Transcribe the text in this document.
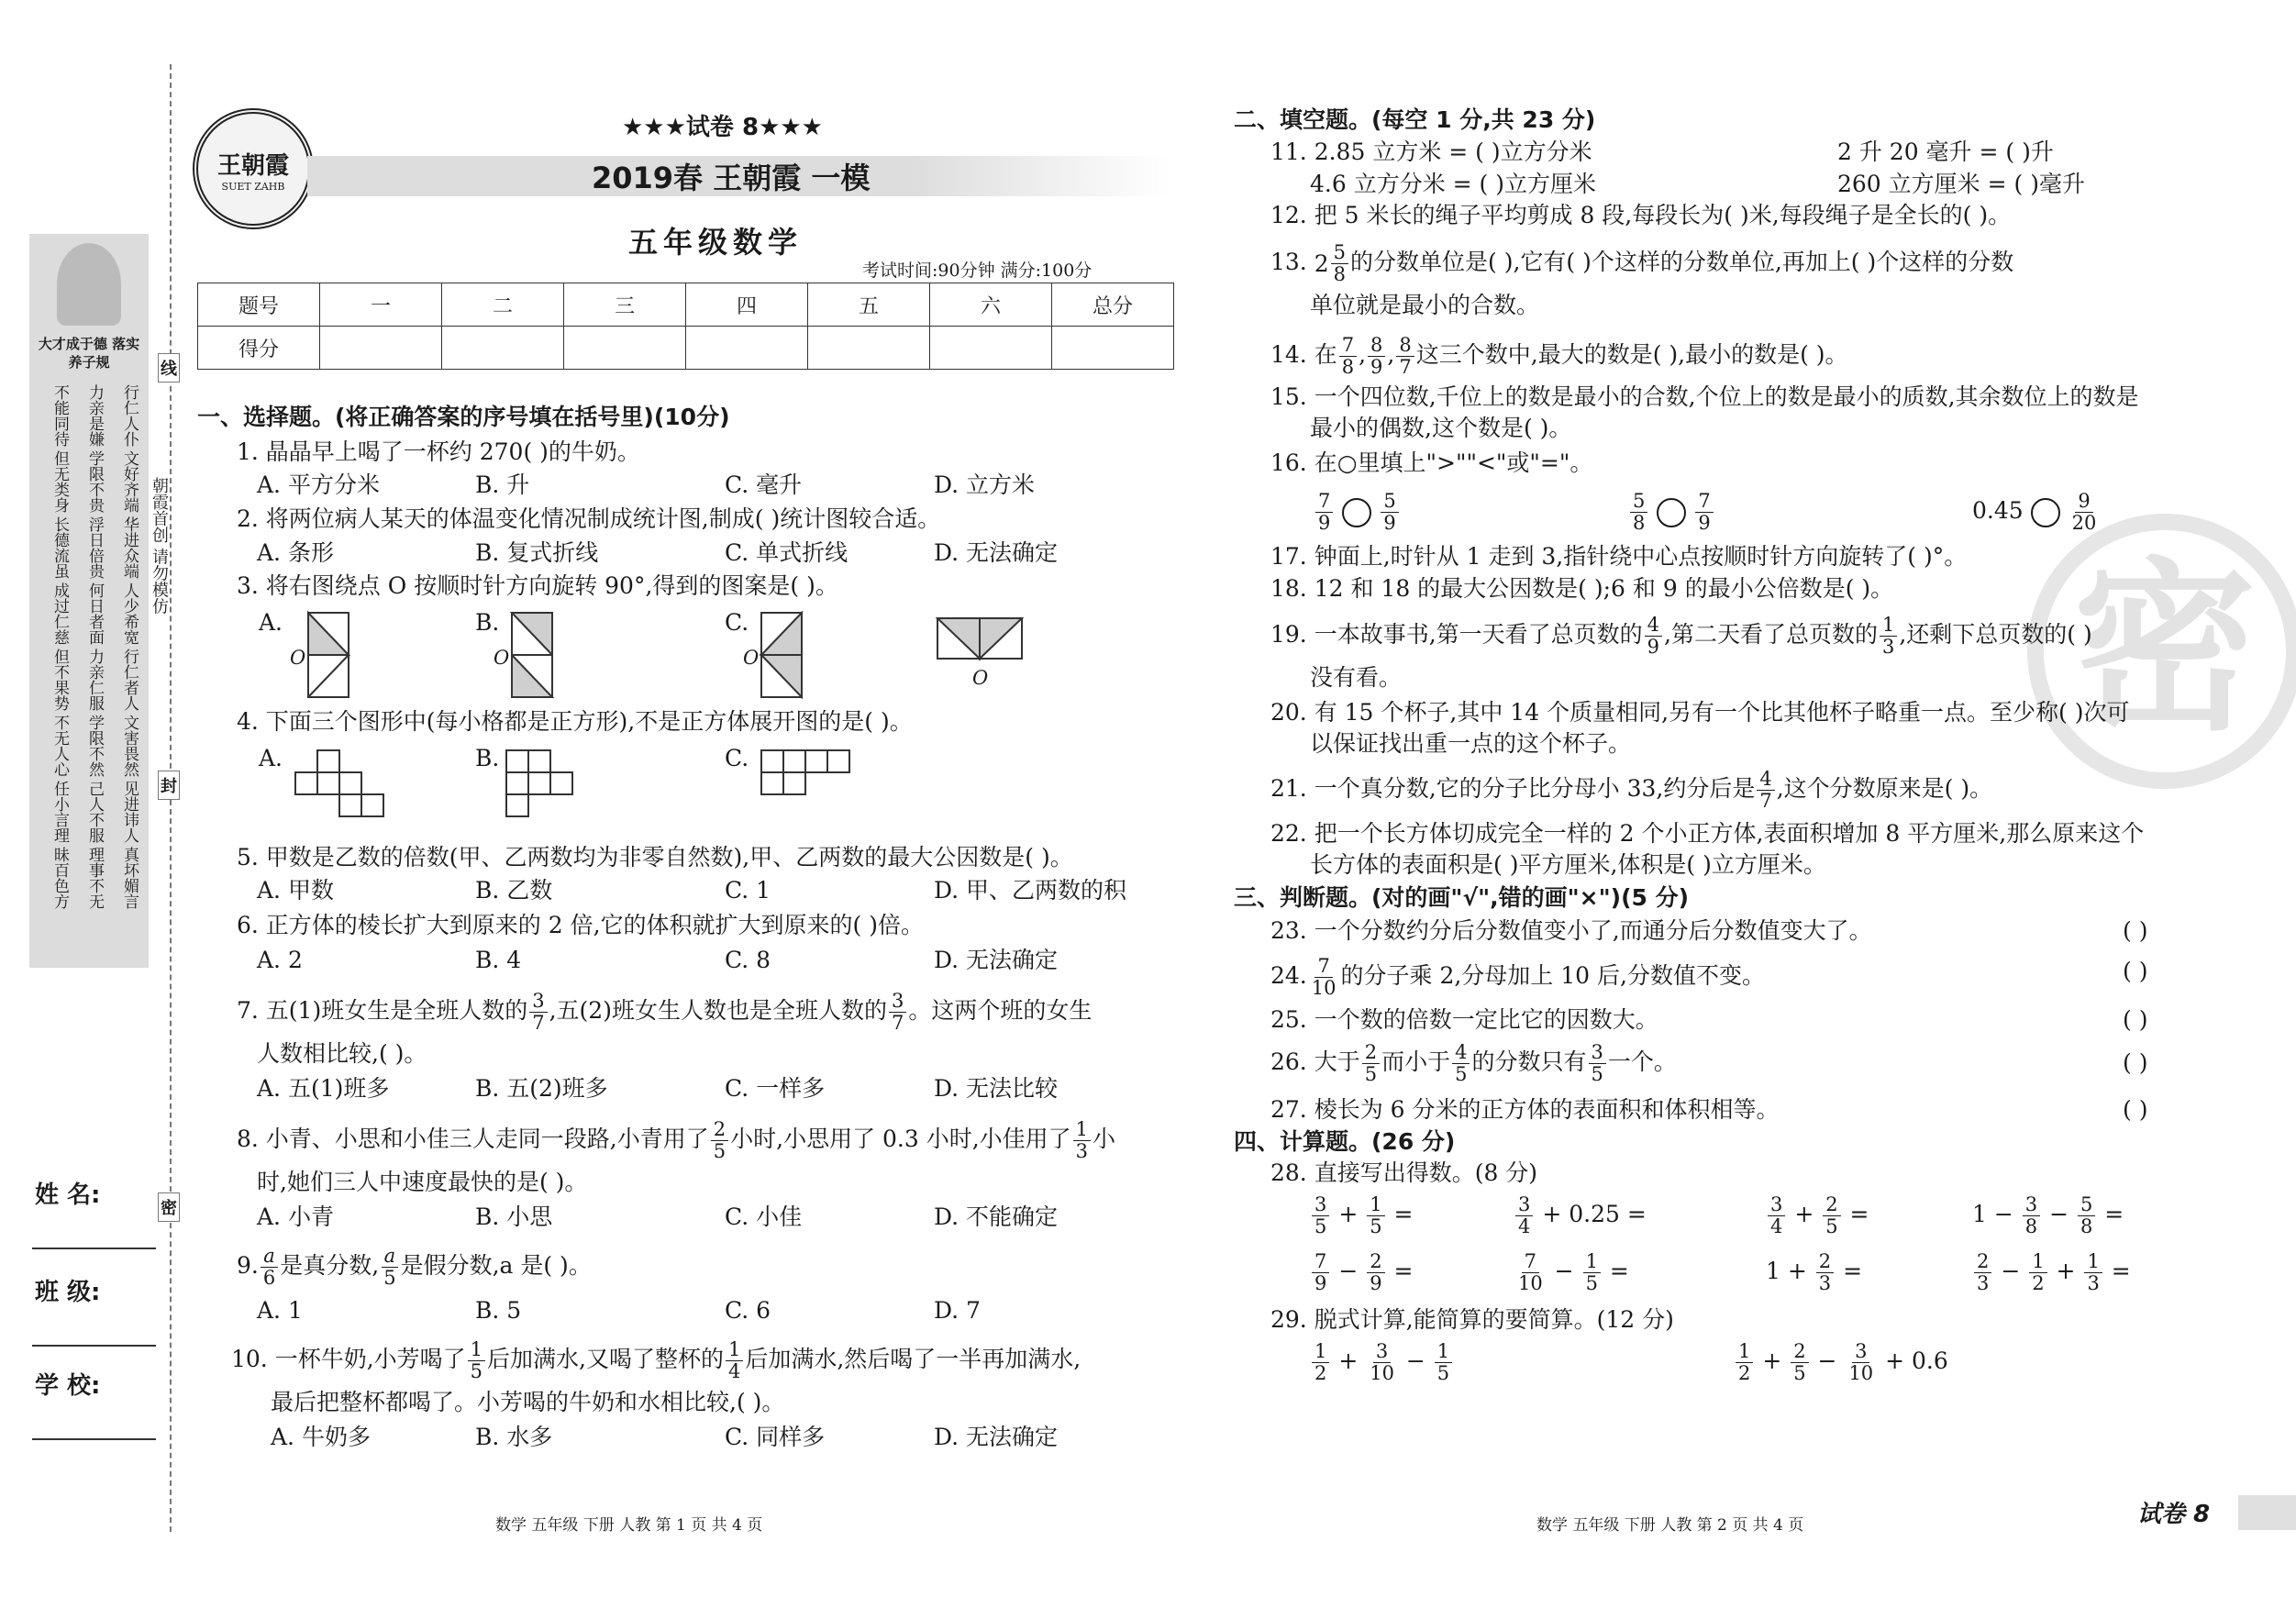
大才成于德 落实养子规
不能同待	力亲是嫌	行仁人仆
但无类身	学限不贵	文好齐端
长德流虽	浮日倍贵	华进众端
成过仁慈	何日者面	人少希宽
但不果势	力亲仁服	行仁者人
不无人心	学限不然	文害畏然
任小言理	己人不服	见进讳人
昧百色方	理事不无	真坏媚言
朝霞首创 请勿模仿
线
封
密
姓 名:
班 级:
学 校:
王朝霞
SUET ZAHB
★★★试卷 8★★★
2019春 王朝霞 一模
五年级数学
考试时间:90分钟 满分:100分
题号	一	二	三	四	五	六	总分
得分							
一、选择题。(将正确答案的序号填在括号里)(10分)
1. 晶晶早上喝了一杯约 270( )的牛奶。
A. 平方分米	B. 升	C. 毫升	D. 立方米
2. 将两位病人某天的体温变化情况制成统计图,制成( )统计图较合适。
A. 条形	B. 复式折线	C. 单式折线	D. 无法确定
3. 将右图绕点 O 按顺时针方向旋转 90°,得到的图案是( )。
A.	B.	C.
O	O	O
O
4. 下面三个图形中(每小格都是正方形),不是正方体展开图的是( )。
A.	B.	C.
5. 甲数是乙数的倍数(甲、乙两数均为非零自然数),甲、乙两数的最大公因数是( )。
A. 甲数	B. 乙数	C. 1	D. 甲、乙两数的积
6. 正方体的棱长扩大到原来的 2 倍,它的体积就扩大到原来的( )倍。
A. 2	B. 4	C. 8	D. 无法确定
7. 五(1)班女生是全班人数的 $\frac{3}{7}$ ,五(2)班女生人数也是全班人数的 $\frac{3}{7}$ 。这两个班的女生
人数相比较,( )。
A. 五(1)班多	B. 五(2)班多	C. 一样多	D. 无法比较
8. 小青、小思和小佳三人走同一段路,小青用了 $\frac{2}{5}$ 小时,小思用了 0.3 小时,小佳用了 $\frac{1}{3}$ 小
时,她们三人中速度最快的是( )。
A. 小青	B. 小思	C. 小佳	D. 不能确定
9. $\frac{a}{6}$ 是真分数, $\frac{a}{5}$ 是假分数,a 是( )。
A. 1	B. 5	C. 6	D. 7
10. 一杯牛奶,小芳喝了 $\frac{1}{5}$ 后加满水,又喝了整杯的 $\frac{1}{4}$ 后加满水,然后喝了一半再加满水,
最后把整杯都喝了。小芳喝的牛奶和水相比较,( )。
A. 牛奶多	B. 水多	C. 同样多	D. 无法确定
数学 五年级 下册 人教 第 1 页 共 4 页
密
二、填空题。(每空 1 分,共 23 分)
11. 2.85 立方米 = ( )立方分米	2 升 20 毫升 = ( )升
4.6 立方分米 = ( )立方厘米	260 立方厘米 = ( )毫升
12. 把 5 米长的绳子平均剪成 8 段,每段长为( )米,每段绳子是全长的( )。
13. 2 5
8 的分数单位是( ),它有( )个这样的分数单位,再加上( )个这样的分数
单位就是最小的合数。
14. 在 $\frac{7}{8}$ , $\frac{8}{9}$ , $\frac{8}{7}$ 这三个数中,最大的数是( ),最小的数是( )。
15. 一个四位数,千位上的数是最小的合数,个位上的数是最小的质数,其余数位上的数是
最小的偶数,这个数是( )。
16. 在○里填上">""<"或"="。
$\frac{7}{9} \frac{5}{9}$	$\frac{5}{8} \frac{7}{9}$	$0.45 \frac{9}{20}$
17. 钟面上,时针从 1 走到 3,指针绕中心点按顺时针方向旋转了( )°。
18. 12 和 18 的最大公因数是( );6 和 9 的最小公倍数是( )。
19. 一本故事书,第一天看了总页数的 $\frac{4}{9}$ ,第二天看了总页数的 $\frac{1}{3}$ ,还剩下总页数的( )
没有看。
20. 有 15 个杯子,其中 14 个质量相同,另有一个比其他杯子略重一点。至少称( )次可
以保证找出重一点的这个杯子。
21. 一个真分数,它的分子比分母小 33,约分后是 $\frac{4}{7}$ ,这个分数原来是( )。
22. 把一个长方体切成完全一样的 2 个小正方体,表面积增加 8 平方厘米,那么原来这个
长方体的表面积是( )平方厘米,体积是( )立方厘米。
三、判断题。(对的画"√",错的画"×")(5 分)
23. 一个分数约分后分数值变小了,而通分后分数值变大了。	( )
24. $\frac{7}{10}$ 的分子乘 2,分母加上 10 后,分数值不变。	( )
25. 一个数的倍数一定比它的因数大。	( )
26. 大于 $\frac{2}{5}$ 而小于 $\frac{4}{5}$ 的分数只有 $\frac{3}{5}$ 一个。	( )
27. 棱长为 6 分米的正方体的表面积和体积相等。	( )
四、计算题。(26 分)
28. 直接写出得数。(8 分)
$\frac{3}{5} + \frac{1}{5}$ =	$\frac{3}{4} + 0.25$ =	$\frac{3}{4} + \frac{2}{5}$ =	$1 - \frac{3}{8} - \frac{5}{8}$ =
$\frac{7}{9} - \frac{2}{9}$ =	$\frac{7}{10} - \frac{1}{5}$ =	$1 + \frac{2}{3}$ =	$\frac{2}{3} - \frac{1}{2} + \frac{1}{3}$ =
29. 脱式计算,能简算的要简算。(12 分)
$\frac{1}{2} + \frac{3}{10} - \frac{1}{5}$	$\frac{1}{2} + \frac{2}{5} - \frac{3}{10} + 0.6$
数学 五年级 下册 人教 第 2 页 共 4 页	试卷 8
